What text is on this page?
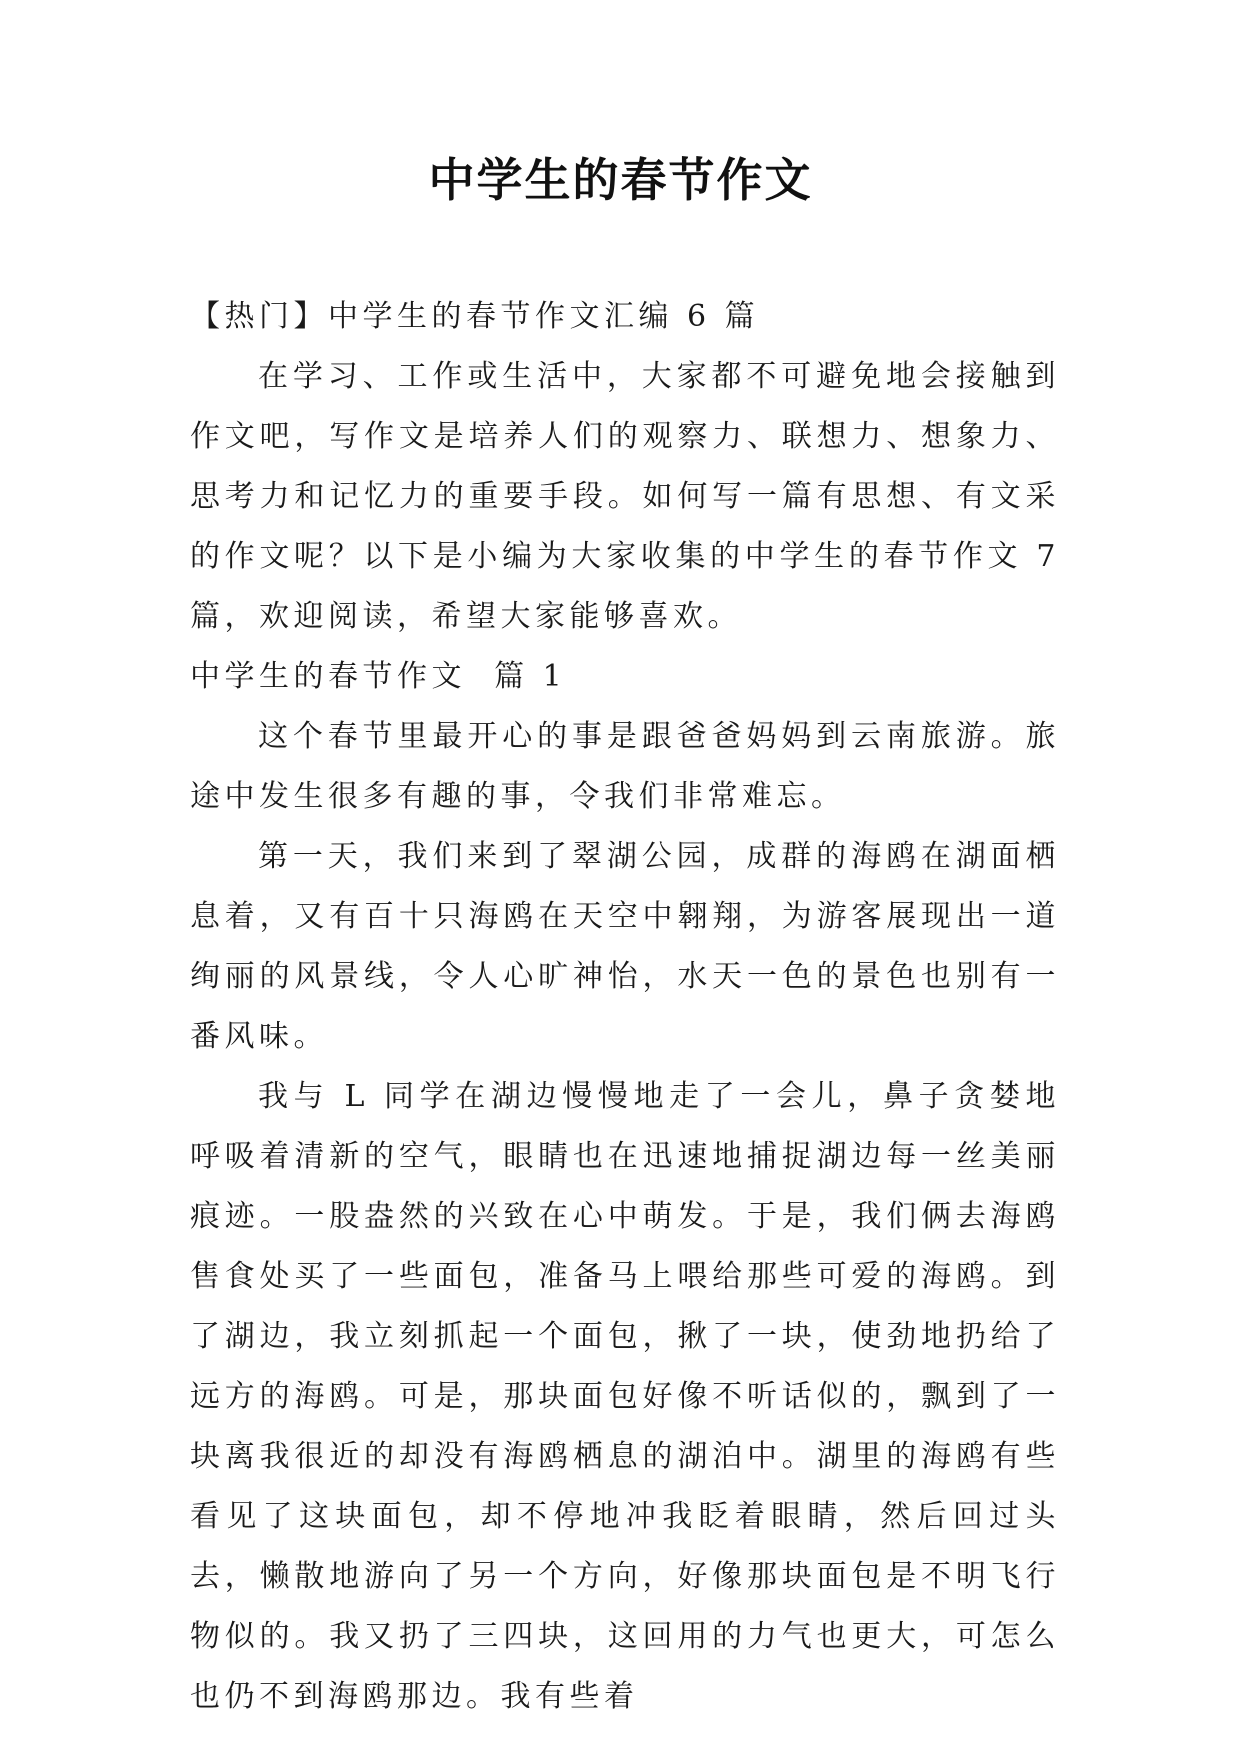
中学生的春节作文

【热门】中学生的春节作文汇编 6 篇

在学习、工作或生活中，大家都不可避免地会接触到作文吧，写作文是培养人们的观察力、联想力、想象力、思考力和记忆力的重要手段。如何写一篇有思想、有文采的作文呢？以下是小编为大家收集的中学生的春节作文 7 篇，欢迎阅读，希望大家能够喜欢。

中学生的春节作文  篇 1

这个春节里最开心的事是跟爸爸妈妈到云南旅游。旅途中发生很多有趣的事，令我们非常难忘。

第一天，我们来到了翠湖公园，成群的海鸥在湖面栖息着，又有百十只海鸥在天空中翱翔，为游客展现出一道绚丽的风景线，令人心旷神怡，水天一色的景色也别有一番风味。

我与 L 同学在湖边慢慢地走了一会儿，鼻子贪婪地呼吸着清新的空气，眼睛也在迅速地捕捉湖边每一丝美丽痕迹。一股盎然的兴致在心中萌发。于是，我们俩去海鸥售食处买了一些面包，准备马上喂给那些可爱的海鸥。到了湖边，我立刻抓起一个面包，揪了一块，使劲地扔给了远方的海鸥。可是，那块面包好像不听话似的，飘到了一块离我很近的却没有海鸥栖息的湖泊中。湖里的海鸥有些看见了这块面包，却不停地冲我眨着眼睛，然后回过头去，懒散地游向了另一个方向，好像那块面包是不明飞行物似的。我又扔了三四块，这回用的力气也更大，可怎么也仍不到海鸥那边。我有些着
